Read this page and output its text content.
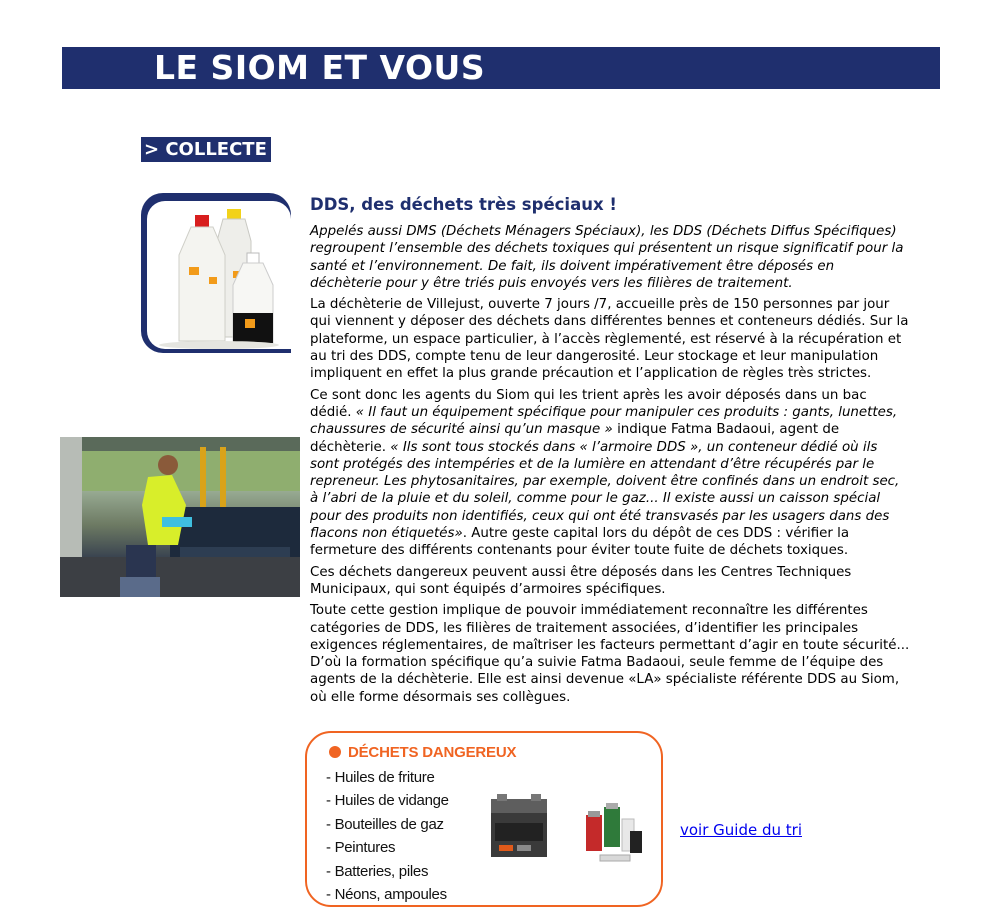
LE SIOM ET VOUS
> COLLECTE
DDS, des déchets très spéciaux !

Appelés aussi DMS (Déchets Ménagers Spéciaux), les DDS (Déchets Diffus Spécifiques) regroupent l’ensemble des déchets toxiques qui présentent un risque significatif pour la santé et l’environnement. De fait, ils doivent impérativement être déposés en déchèterie pour y être triés puis envoyés vers les filières de traitement.

La déchèterie de Villejust, ouverte 7 jours /7, accueille près de 150 personnes par jour qui viennent y déposer des déchets dans différentes bennes et conteneurs dédiés. Sur la plateforme, un espace particulier, à l’accès règlementé, est réservé à la récupération et au tri des DDS, compte tenu de leur dangerosité. Leur stockage et leur manipulation impliquent en effet la plus grande précaution et l’application de règles très strictes.

Ce sont donc les agents du Siom qui les trient après les avoir déposés dans un bac dédié. « Il faut un équipement spécifique pour manipuler ces produits : gants, lunettes, chaussures de sécurité ainsi qu’un masque » indique Fatma Badaoui, agent de déchèterie. « Ils sont tous stockés dans « l’armoire DDS », un conteneur dédié où ils sont protégés des intempéries et de la lumière en attendant d’être récupérés par le repreneur. Les phytosanitaires, par exemple, doivent être confinés dans un endroit sec, à l’abri de la pluie et du soleil, comme pour le gaz... Il existe aussi un caisson spécial pour des produits non identifiés, ceux qui ont été transvasés par les usagers dans des flacons non étiquetés». Autre geste capital lors du dépôt de ces DDS : vérifier la fermeture des différents contenants pour éviter toute fuite de déchets toxiques.

Ces déchets dangereux peuvent aussi être déposés dans les Centres Techniques Municipaux, qui sont équipés d’armoires spécifiques.

Toute cette gestion implique de pouvoir immédiatement reconnaître les différentes catégories de DDS, les filières de traitement associées, d’identifier les principales exigences réglementaires, de maîtriser les facteurs permettant d’agir en toute sécurité... D’où la formation spécifique qu’a suivie Fatma Badaoui, seule femme de l’équipe des agents de la déchèterie. Elle est ainsi devenue «LA» spécialiste référente DDS au Siom, où elle forme désormais ses collègues.

DÉCHETS DANGEREUX
- Huiles de friture
- Huiles de vidange
- Bouteilles de gaz
- Peintures
- Batteries, piles
- Néons, ampoules
voir Guide du tri
